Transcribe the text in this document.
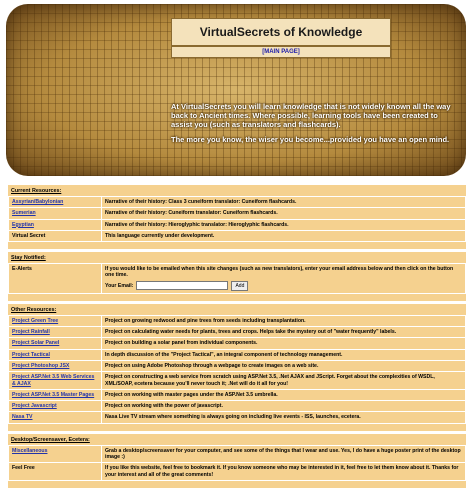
VirtualSecrets of Knowledge
[MAIN PAGE]

At VirtualSecrets you will learn knowledge that is not widely known all the way back to Ancient times. Where possible, learning tools have been created to assist you (such as translators and flashcards).

The more you know, the wiser you become...provided you have an open mind.

Current Resources:
Assyrian/Babylonian	Narrative of their history: Class 3 cuneiform translator: Cuneiform flashcards.
Sumerian	Narrative of their history: Cuneiform translator: Cuneiform flashcards.
Egyptian	Narrative of their history: Hieroglyphic translator: Hieroglyphic flashcards.
Virtual Secret	This language currently under development.
Stay Notified:
E-Alerts	If you would like to be emailed when this site changes (such as new translators), enter your email address below and then click on the button one time.
Your Email:	Add
Other Resources:
Project Green Tree	Project on growing redwood and pine trees from seeds including transplantation.
Project Rainfall	Project on calculating water needs for plants, trees and crops. Helps take the mystery out of "water frequently" labels.
Project Solar Panel	Project on building a solar panel from individual components.
Project Tactical	In depth discussion of the "Project Tactical", an integral component of technology management.
Project Photoshop JSX	Project on using Adobe Photoshop through a webpage to create images on a web site.
Project ASP.Net 3.5 Web Services & AJAX	Project on constructing a web service from scratch using ASP.Net 3.5, .Net AJAX and JScript. Forget about the complexities of WSDL, XML/SOAP, ecetera because you'll never touch it; .Net will do it all for you!
Project ASP.Net 3.5 Master Pages	Project on working with master pages under the ASP.Net 3.5 umbrella.
Project Javascript	Project on working with the power of javascript.
Nasa TV	Nasa Live TV stream where something is always going on including live events - ISS, launches, ecetera.
Desktop/Screensaver, Ecetera:
Miscellaneous	Grab a desktop/screensaver for your computer, and see some of the things that I wear and use. Yes, I do have a huge poster print of the desktop image :)
Feel Free	If you like this website, feel free to bookmark it. If you know someone who may be interested in it, feel free to let them know about it. Thanks for your interest and all of the great comments!
